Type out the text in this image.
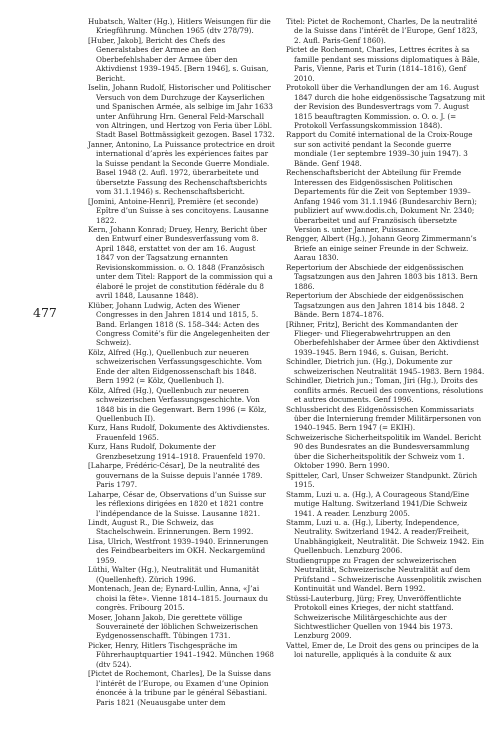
477
Hubatsch, Walter (Hg.), Hitlers Weisungen für die Kriegführung. München 1965 (dtv 278/79).
[Huber, Jakob], Bericht des Chefs des Generalstabes der Armee an den Oberbefehlshaber der Armee über den Aktivdienst 1939–1945. [Bern 1946], s. Guisan, Bericht.
Iselin, Johann Rudolf, Historischer und Politischer Versuch von dem Durchzuge der Kayserlichen und Spanischen Armée, als selbige im Jahr 1633 unter Anführung Hrn. General Feld-Marschall von Altringen, und Hertzog von Feria über Löbl. Stadt Basel Bottmässigkeit gezogen. Basel 1732.
Janner, Antonino, La Puissance protectrice en droit international d’après les expériences faites par la Suisse pendant la Seconde Guerre Mondiale. Basel 1948 (2. Aufl. 1972, überarbeitete und übersetzte Fassung des Rechenschaftsberichts vom 31.1.1946) s. Rechenschaftsbericht.
[Jomini, Antoine-Henri], Première (et seconde) Epître d’un Suisse à ses concitoyens. Lausanne 1822.
Kern, Johann Konrad; Druey, Henry, Bericht über den Entwurf einer Bundesverfassung vom 8. April 1848, erstattet von der am 16. August 1847 von der Tagsatzung ernannten Revisionskommission. o. O. 1848 (Französisch unter dem Titel: Rapport de la commission qui a élaboré le projet de constitution fédérale du 8 avril 1848, Lausanne 1848).
Klüber, Johann Ludwig, Acten des Wiener Congresses in den Jahren 1814 und 1815, 5. Band. Erlangen 1818 (S. 158–344: Acten des Congress Comité’s für die Angelegenheiten der Schweiz).
Kölz, Alfred (Hg.), Quellenbuch zur neueren schweizerischen Verfassungsgeschichte. Vom Ende der alten Eidgenossenschaft bis 1848. Bern 1992 (= Kölz, Quellenbuch I).
Kölz, Alfred (Hg.), Quellenbuch zur neueren schweizerischen Verfassungsgeschichte. Von 1848 bis in die Gegenwart. Bern 1996 (= Kölz, Quellenbuch II).
Kurz, Hans Rudolf, Dokumente des Aktivdienstes. Frauenfeld 1965.
Kurz, Hans Rudolf, Dokumente der Grenzbesetzung 1914–1918. Frauenfeld 1970.
[Laharpe, Frédéric-César], De la neutralité des gouvernans de la Suisse depuis l’année 1789. Paris 1797.
Laharpe, César de, Observations d’un Suisse sur les réflexions dirigées en 1820 et 1821 contre l’indépendance de la Suisse. Lausanne 1821.
Lindt, August R., Die Schweiz, das Stachelschwein. Erinnerungen. Bern 1992.
Lisa, Ulrich, Westfront 1939–1940. Erinnerungen des Feindbearbeiters im OKH. Neckargemünd 1959.
Lüthi, Walter (Hg.), Neutralität und Humanität (Quellenheft). Zürich 1996.
Montenach, Jean de; Eynard-Lullin, Anna, «J’ai choisi la fête». Vienne 1814–1815. Journaux du congrès. Fribourg 2015.
Moser, Johann Jakob, Die gerettete völlige Souveraineté der löblichen Schweizerischen Eydgenossenschafft. Tübingen 1731.
Picker, Henry, Hitlers Tischgespräche im Führerhauptquartier 1941–1942. München 1968 (dtv 524).
[Pictet de Rochemont, Charles], De la Suisse dans l’intérêt de l’Europe, ou Examen d’une Opinion énoncée à la tribune par le général Sébastiani. Paris 1821 (Neuausgabe unter dem
Titel: Pictet de Rochemont, Charles, De la neutralité de la Suisse dans l’intérêt de l’Europe, Genf 1823, 2. Aufl. Paris-Genf 1860).
Pictet de Rochemont, Charles, Lettres écrites à sa famille pendant ses missions diplomatiques à Bâle, Paris, Vienne, Paris et Turin (1814–1816), Genf 2010.
Protokoll über die Verhandlungen der am 16. August 1847 durch die hohe eidgenössische Tagsatzung mit der Revision des Bundesvertrags vom 7. August 1815 beauftragten Kommission. o. O. o. J. (= Protokoll Verfassungskommission 1848).
Rapport du Comité international de la Croix-Rouge sur son activité pendant la Seconde guerre mondiale (1er septembre 1939–30 juin 1947). 3 Bände. Genf 1948.
Rechenschaftsbericht der Abteilung für Fremde Interessen des Eidgenössischen Politischen Departements für die Zeit von September 1939–Anfang 1946 vom 31.1.1946 (Bundesarchiv Bern); publiziert auf www.dodis.ch, Dokument Nr. 2340; überarbeitet und auf Französisch übersetzte Version s. unter Janner, Puissance.
Rengger, Albert (Hg.), Johann Georg Zimmermann’s Briefe an einige seiner Freunde in der Schweiz. Aarau 1830.
Repertorium der Abschiede der eidgenössischen Tagsatzungen aus den Jahren 1803 bis 1813. Bern 1886.
Repertorium der Abschiede der eidgenössischen Tagsatzungen aus den Jahren 1814 bis 1848. 2 Bände. Bern 1874–1876.
[Rihner, Fritz], Bericht des Kommandanten der Flieger- und Fliegerabwehrtruppen an den Oberbefehlshaber der Armee über den Aktivdienst 1939–1945. Bern 1946, s. Guisan, Bericht.
Schindler, Dietrich jun. (Hg.), Dokumente zur schweizerischen Neutralität 1945–1983. Bern 1984.
Schindler, Dietrich jun.; Toman, Jiri (Hg.), Droits des conflits armés. Recueil des conventions, résolutions et autres documents. Genf 1996.
Schlussbericht des Eidgenössischen Kommissariats über die Internierung fremder Militärpersonen von 1940–1945. Bern 1947 (= EKIH).
Schweizerische Sicherheitspolitik im Wandel. Bericht 90 des Bundesrates an die Bundesversammlung über die Sicherheitspolitik der Schweiz vom 1. Oktober 1990. Bern 1990.
Spitteler, Carl, Unser Schweizer Standpunkt. Zürich 1915.
Stamm, Luzi u. a. (Hg.), A Courageous Stand/Eine mutige Haltung. Switzerland 1941/Die Schweiz 1941. A reader. Lenzburg 2005.
Stamm, Luzi u. a. (Hg.), Liberty, Independence, Neutrality. Switzerland 1942. A reader/Freiheit, Unabhängigkeit, Neutralität. Die Schweiz 1942. Ein Quellenbuch. Lenzburg 2006.
Studiengruppe zu Fragen der schweizerischen Neutralität, Schweizerische Neutralität auf dem Prüfstand – Schweizerische Aussenpolitik zwischen Kontinuität und Wandel. Bern 1992.
Stüssi-Lauterburg, Jürg; Frey, Unveröffentlichte Protokoll eines Krieges, der nicht stattfand. Schweizerische Militärgeschichte aus der Sichtwestlicher Quellen von 1944 bis 1973. Lenzburg 2009.
Vattel, Emer de, Le Droit des gens ou principes de la loi naturelle, appliqués à la conduite & aux
